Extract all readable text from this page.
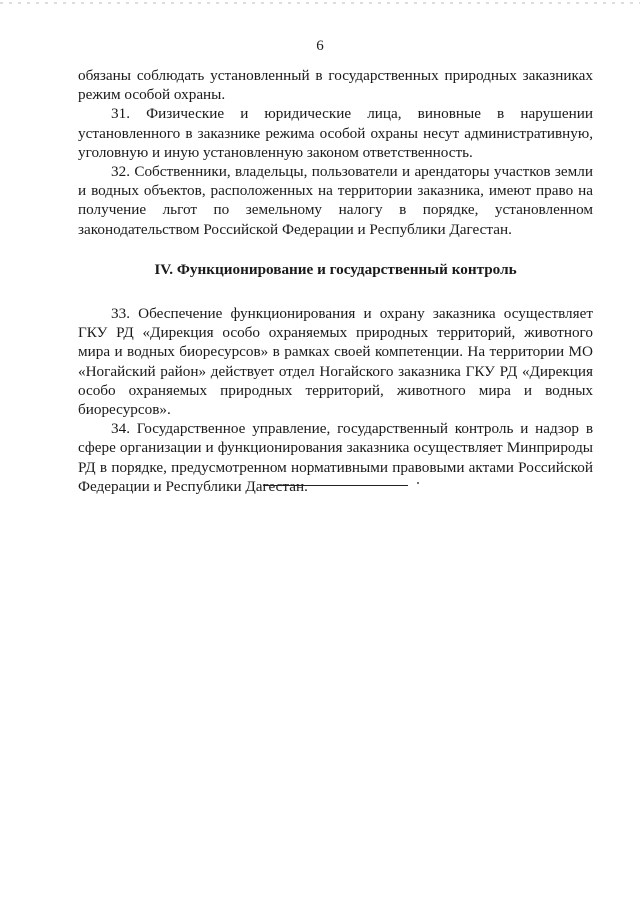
6

обязаны соблюдать установленный в государственных природных заказниках режим особой охраны.

31. Физические и юридические лица, виновные в нарушении установленного в заказнике режима особой охраны несут административную, уголовную и иную установленную законом ответственность.

32. Собственники, владельцы, пользователи и арендаторы участков земли и водных объектов, расположенных на территории заказника, имеют право на получение льгот по земельному налогу в порядке, установленном законодательством Российской Федерации и Республики Дагестан.

IV. Функционирование и государственный контроль

33. Обеспечение функционирования и охрану заказника осуществляет ГКУ РД «Дирекция особо охраняемых природных территорий, животного мира и водных биоресурсов» в рамках своей компетенции. На территории МО «Ногайский район» действует отдел Ногайского заказника ГКУ РД «Дирекция особо охраняемых природных территорий, животного мира и водных биоресурсов».

34. Государственное управление, государственный контроль и надзор в сфере организации и функционирования заказника осуществляет Минприроды РД в порядке, предусмотренном нормативными правовыми актами Российской Федерации и Республики Дагестан.
